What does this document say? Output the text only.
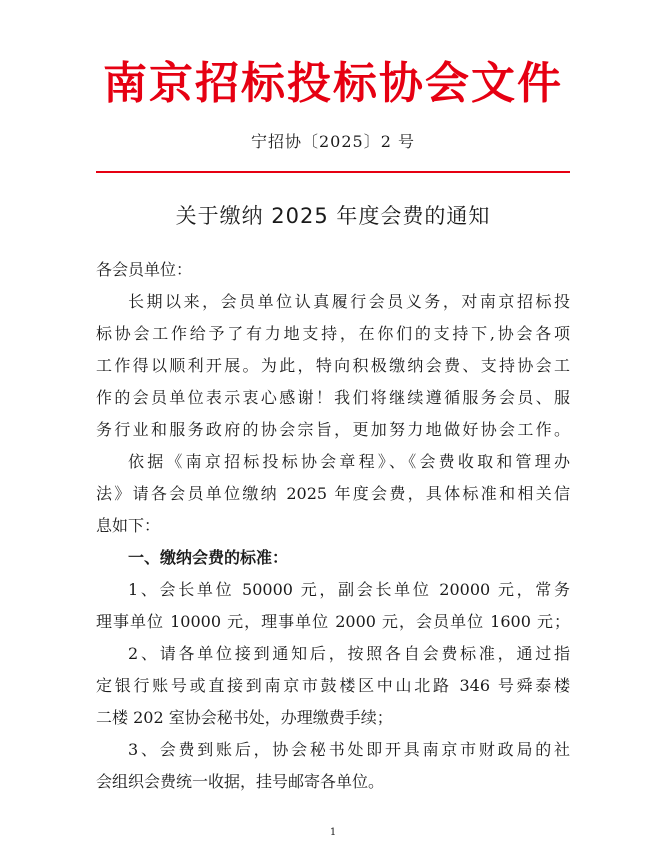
南京招标投标协会文件
宁招协〔2025〕2 号
关于缴纳 2025 年度会费的通知
各会员单位：
长期以来，会员单位认真履行会员义务，对南京招标投
标协会工作给予了有力地支持，在你们的支持下,协会各项
工作得以顺利开展。为此，特向积极缴纳会费、支持协会工
作的会员单位表示衷心感谢！我们将继续遵循服务会员、服
务行业和服务政府的协会宗旨，更加努力地做好协会工作。
依据《南京招标投标协会章程》、《会费收取和管理办
法》请各会员单位缴纳 2025 年度会费，具体标准和相关信
息如下：
一、缴纳会费的标准：
1、会长单位 50000 元，副会长单位 20000 元，常务
理事单位 10000 元，理事单位 2000 元，会员单位 1600 元；
2、请各单位接到通知后，按照各自会费标准，通过指
定银行账号或直接到南京市鼓楼区中山北路 346 号舜泰楼
二楼 202 室协会秘书处，办理缴费手续；
3、会费到账后，协会秘书处即开具南京市财政局的社
会组织会费统一收据，挂号邮寄各单位。
1
